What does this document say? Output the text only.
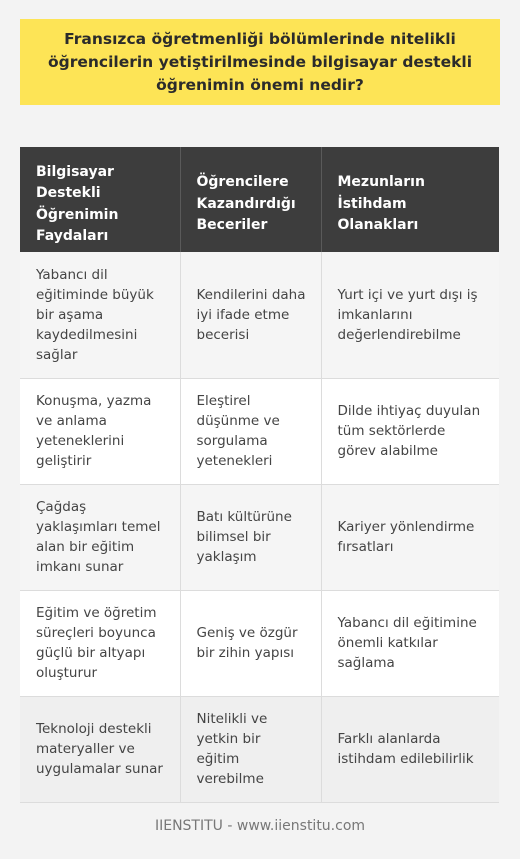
Fransızca öğretmenliği bölümlerinde nitelikli öğrencilerin yetiştirilmesinde bilgisayar destekli öğrenimin önemi nedir?
Bilgisayar Destekli Öğrenimin Faydaları	Öğrencilere Kazandırdığı Beceriler	Mezunların İstihdam Olanakları
Yabancı dil eğitiminde büyük bir aşama kaydedilmesini sağlar	Kendilerini daha iyi ifade etme becerisi	Yurt içi ve yurt dışı iş imkanlarını değerlendirebilme
Konuşma, yazma ve anlama yeteneklerini geliştirir	Eleştirel düşünme ve sorgulama yetenekleri	Dilde ihtiyaç duyulan tüm sektörlerde görev alabilme
Çağdaş yaklaşımları temel alan bir eğitim imkanı sunar	Batı kültürüne bilimsel bir yaklaşım	Kariyer yönlendirme fırsatları
Eğitim ve öğretim süreçleri boyunca güçlü bir altyapı oluşturur	Geniş ve özgür bir zihin yapısı	Yabancı dil eğitimine önemli katkılar sağlama
Teknoloji destekli materyaller ve uygulamalar sunar	Nitelikli ve yetkin bir eğitim verebilme	Farklı alanlarda istihdam edilebilirlik
IIENSTITU - www.iienstitu.com
